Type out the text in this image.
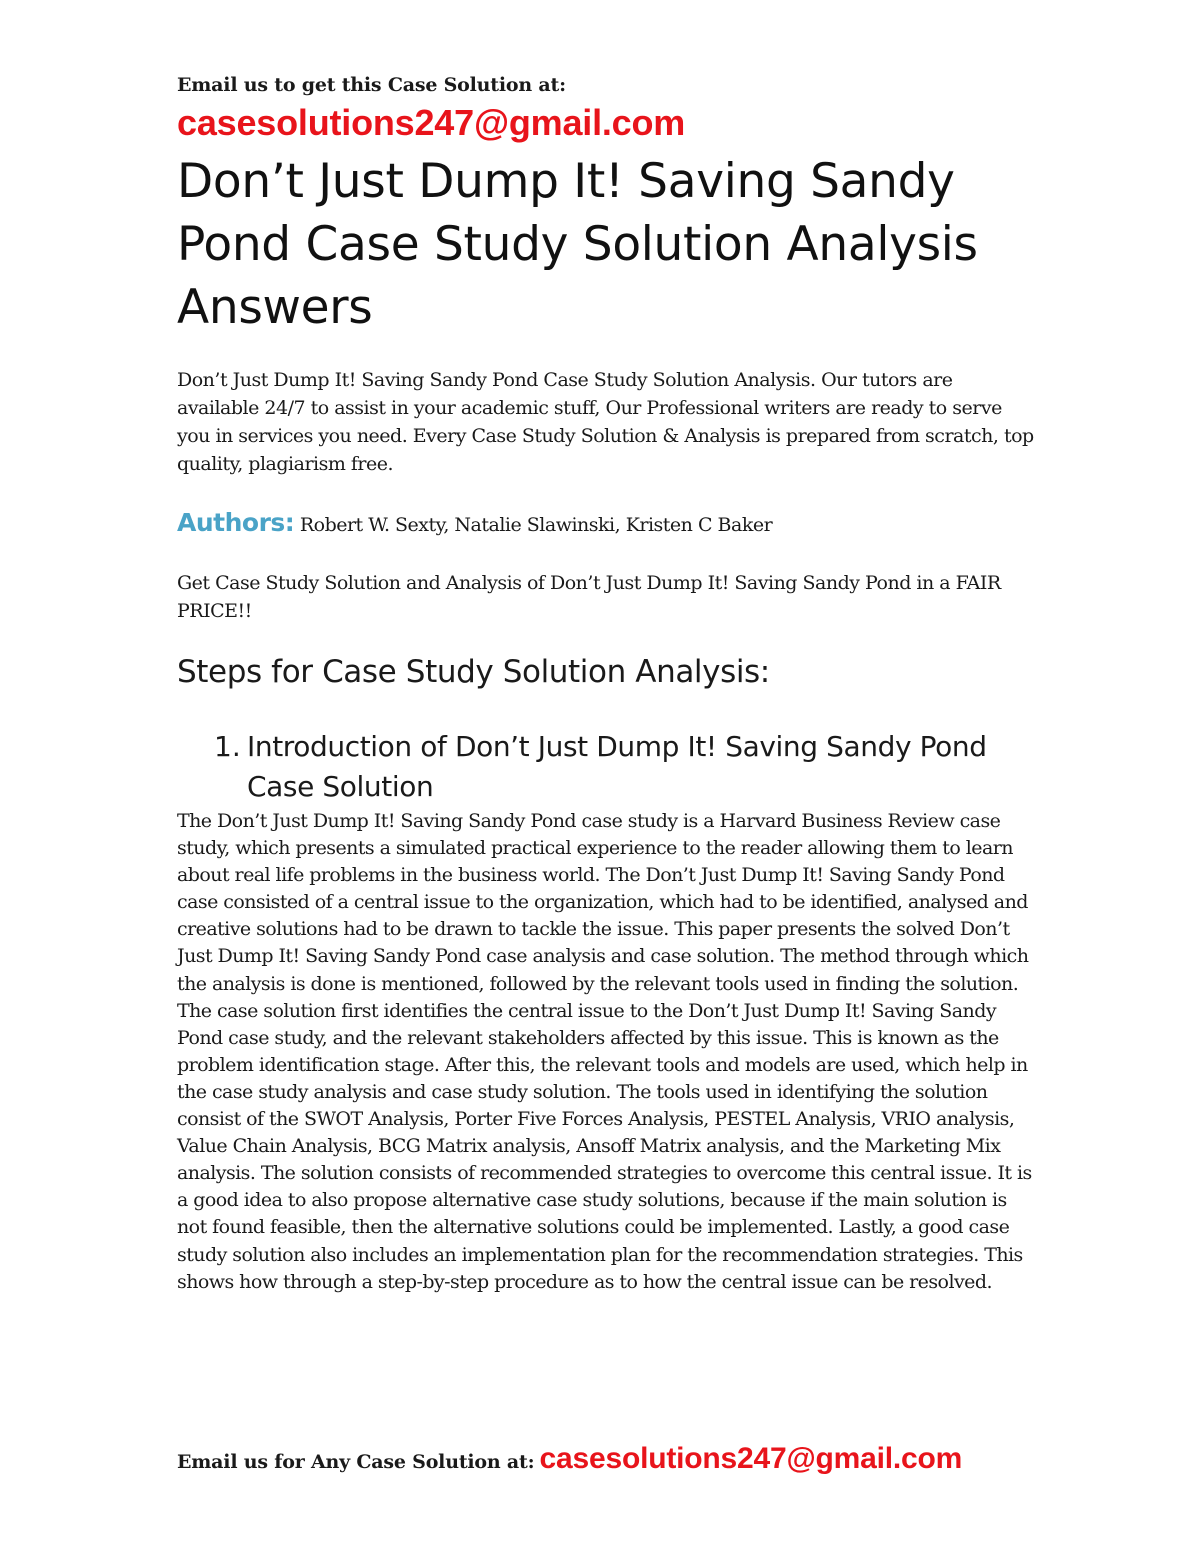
Email us to get this Case Solution at:
casesolutions247@gmail.com
Don’t Just Dump It! Saving Sandy Pond Case Study Solution Analysis Answers

Don’t Just Dump It! Saving Sandy Pond Case Study Solution Analysis. Our tutors are available 24/7 to assist in your academic stuff, Our Professional writers are ready to serve you in services you need. Every Case Study Solution & Analysis is prepared from scratch, top quality, plagiarism free.

Authors: Robert W. Sexty, Natalie Slawinski, Kristen C Baker

Get Case Study Solution and Analysis of Don’t Just Dump It! Saving Sandy Pond in a FAIR PRICE!!

Steps for Case Study Solution Analysis:
1. Introduction of Don’t Just Dump It! Saving Sandy Pond Case Solution

The Don’t Just Dump It! Saving Sandy Pond case study is a Harvard Business Review case study, which presents a simulated practical experience to the reader allowing them to learn about real life problems in the business world. The Don’t Just Dump It! Saving Sandy Pond case consisted of a central issue to the organization, which had to be identified, analysed and creative solutions had to be drawn to tackle the issue. This paper presents the solved Don’t Just Dump It! Saving Sandy Pond case analysis and case solution. The method through which the analysis is done is mentioned, followed by the relevant tools used in finding the solution.

The case solution first identifies the central issue to the Don’t Just Dump It! Saving Sandy Pond case study, and the relevant stakeholders affected by this issue. This is known as the problem identification stage. After this, the relevant tools and models are used, which help in the case study analysis and case study solution. The tools used in identifying the solution consist of the SWOT Analysis, Porter Five Forces Analysis, PESTEL Analysis, VRIO analysis, Value Chain Analysis, BCG Matrix analysis, Ansoff Matrix analysis, and the Marketing Mix analysis. The solution consists of recommended strategies to overcome this central issue. It is a good idea to also propose alternative case study solutions, because if the main solution is not found feasible, then the alternative solutions could be implemented. Lastly, a good case study solution also includes an implementation plan for the recommendation strategies. This shows how through a step-by-step procedure as to how the central issue can be resolved.

Email us for Any Case Solution at: casesolutions247@gmail.com
